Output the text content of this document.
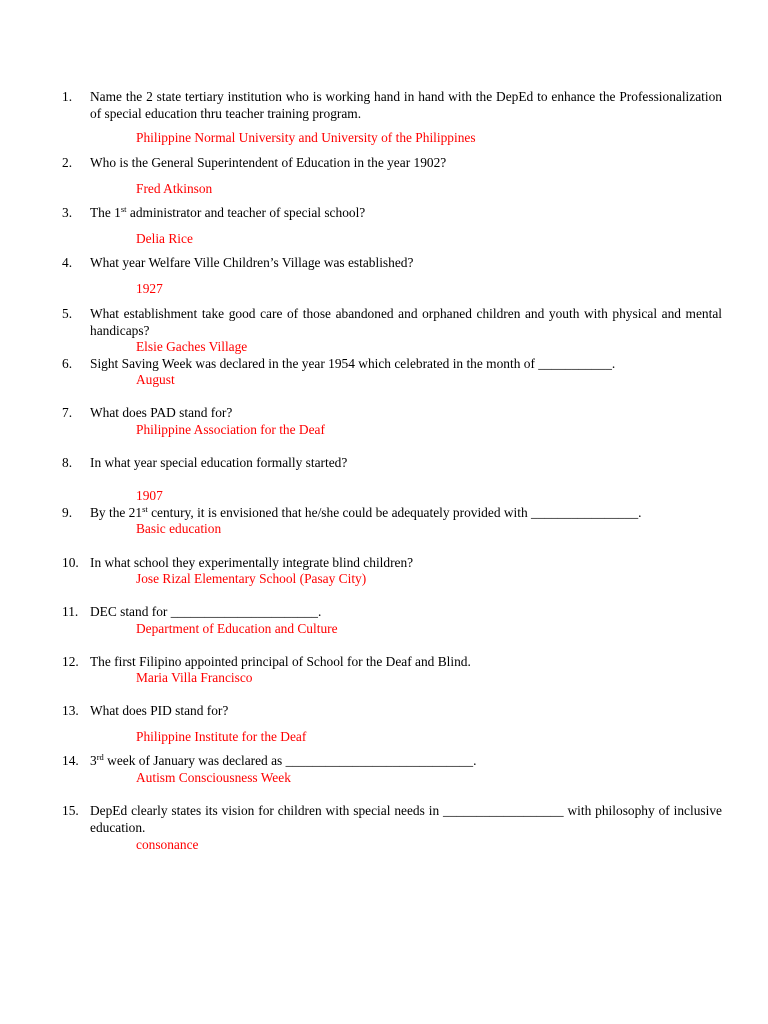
1.	Name the 2 state tertiary institution who is working hand in hand with the DepEd to enhance the Professionalization of special education thru teacher training program.
Philippine Normal University and University of the Philippines
2.	Who is the General Superintendent of Education in the year 1902?
Fred Atkinson
3.	The 1st administrator and teacher of special school?
Delia Rice
4.	What year Welfare Ville Children’s Village was established?
1927
5.	What establishment take good care of those abandoned and orphaned children and youth with physical and mental handicaps?
Elsie Gaches Village
6.	Sight Saving Week was declared in the year 1954 which celebrated in the month of ___________.
August
7.	What does PAD stand for?
Philippine Association for the Deaf
8.	In what year special education formally started?
1907
9.	By the 21st century, it is envisioned that he/she could be adequately provided with ________________.
Basic education
10. In what school they experimentally integrate blind children?
Jose Rizal Elementary School (Pasay City)
11. DEC stand for ______________________.
Department of Education and Culture
12. The first Filipino appointed principal of School for the Deaf and Blind.
Maria Villa Francisco
13. What does PID stand for?
Philippine Institute for the Deaf
14. 3rd week of January was declared as ____________________________.
Autism Consciousness Week
15. DepEd clearly states its vision for children with special needs in __________________ with philosophy of inclusive education.
consonance
